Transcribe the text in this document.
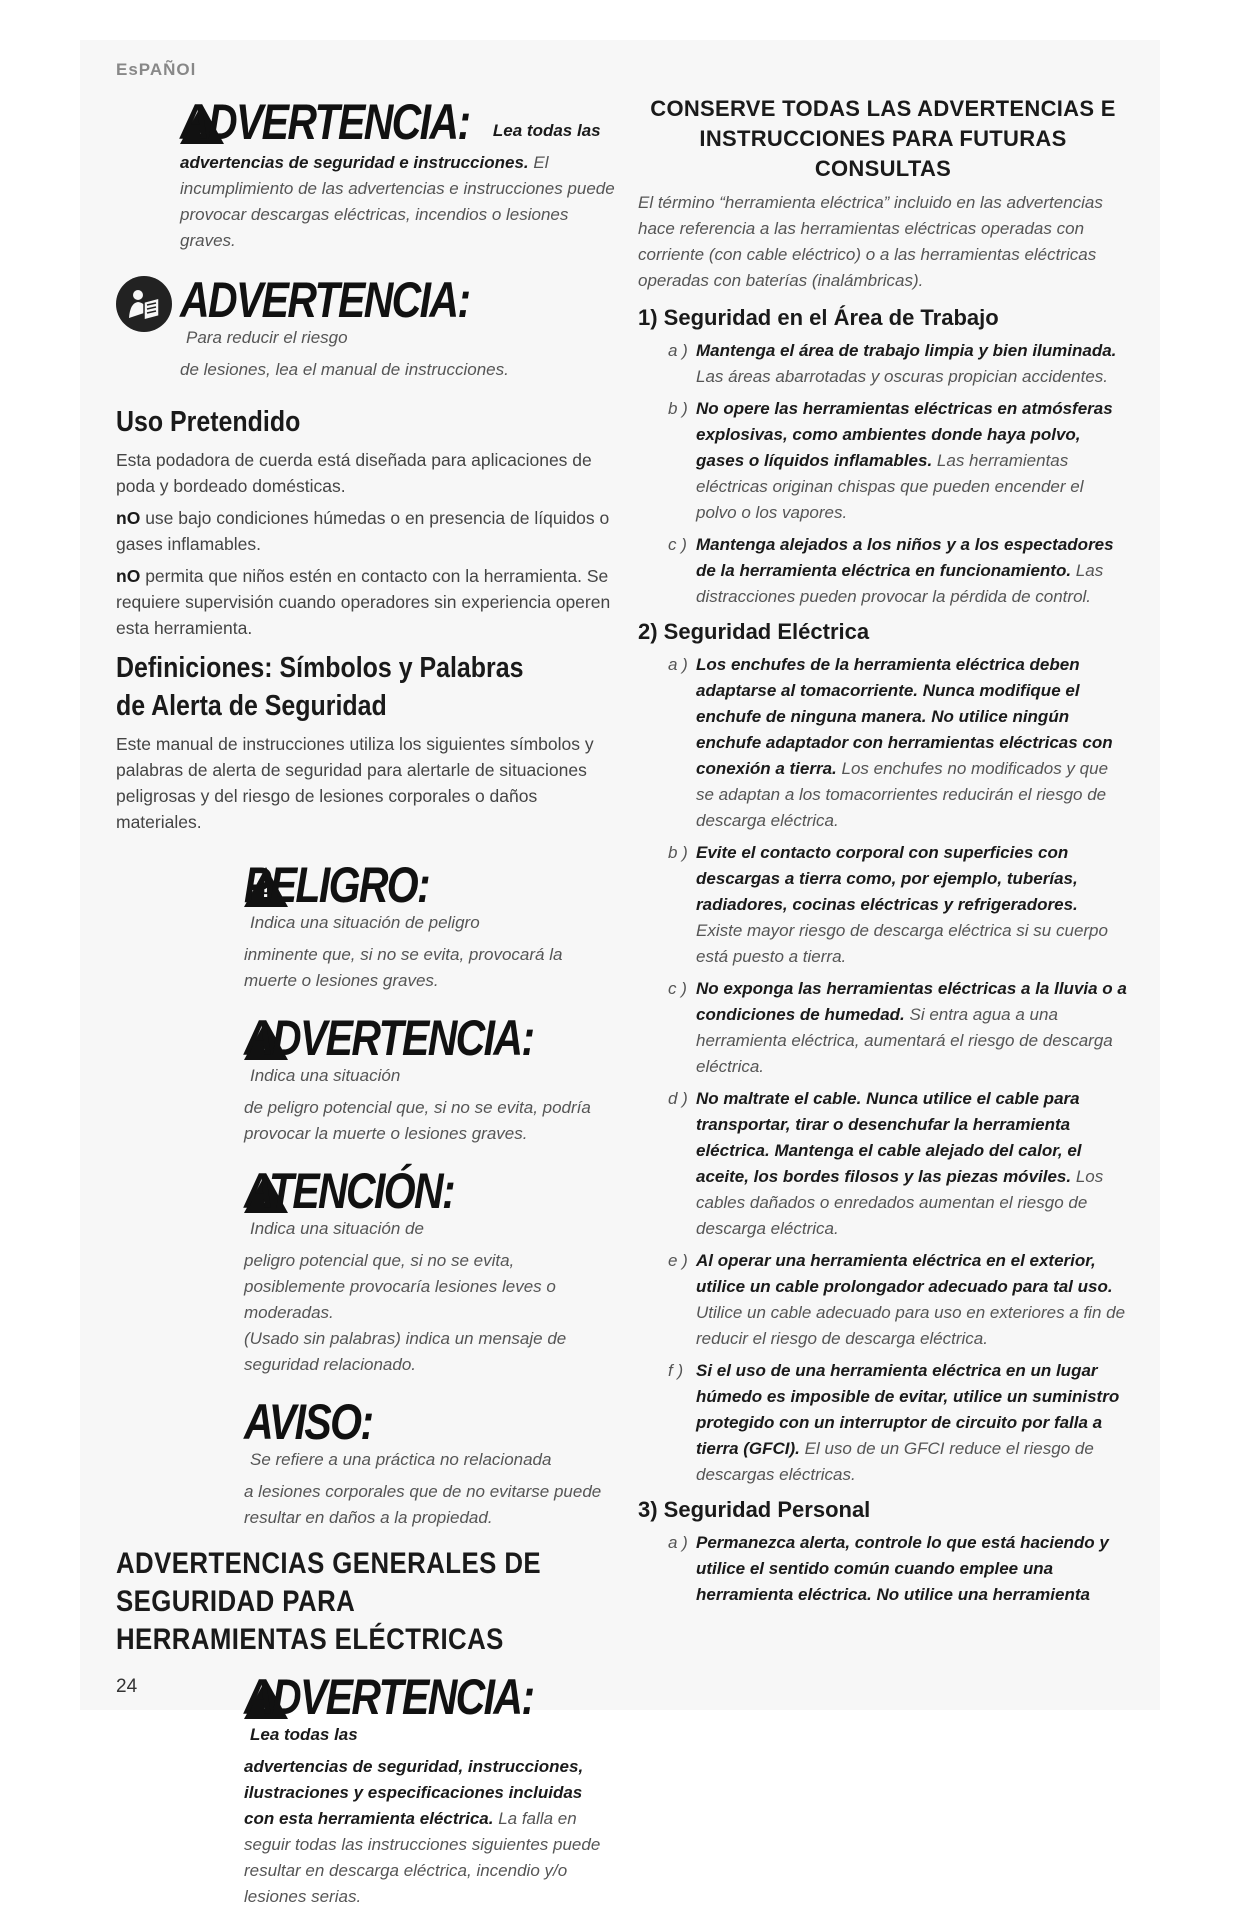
EsPAÑOl
!
ADVERTENCIA: Lea todas las
advertencias de seguridad e instrucciones. El incumplimiento de las advertencias e instrucciones puede provocar descargas eléctricas, incendios o lesiones graves.
ADVERTENCIA:
Para reducir el riesgo
de lesiones, lea el manual de instrucciones.
Uso Pretendido

Esta podadora de cuerda está diseñada para aplicaciones de poda y bordeado domésticas.

nO use bajo condiciones húmedas o en presencia de líquidos o gases inflamables.

nO permita que niños estén en contacto con la herramienta. Se requiere supervisión cuando operadores sin experiencia operen esta herramienta.

Definiciones: Símbolos y Palabras de Alerta de Seguridad

Este manual de instrucciones utiliza los siguientes símbolos y palabras de alerta de seguridad para alertarle de situaciones peligrosas y del riesgo de lesiones corporales o daños materiales.

!
PELIGRO:
Indica una situación de peligro
inminente que, si no se evita, provocará la muerte o lesiones graves.
!
ADVERTENCIA:
Indica una situación
de peligro potencial que, si no se evita, podría provocar la muerte o lesiones graves.
!
ATENCIÓN:
Indica una situación de
peligro potencial que, si no se evita, posiblemente provocaría lesiones leves o moderadas.
(Usado sin palabras) indica un mensaje de seguridad relacionado.
AVISO:
Se refiere a una práctica no relacionada
a lesiones corporales que de no evitarse puede resultar en daños a la propiedad.
ADVERTENCIAS GENERALES DE SEGURIDAD PARA HERRAMIENTAS ELÉCTRICAS
!
ADVERTENCIA:
Lea todas las
advertencias de seguridad, instrucciones, ilustraciones y especificaciones incluidas con esta herramienta eléctrica. La falla en seguir todas las instrucciones siguientes puede resultar en descarga eléctrica, incendio y/o lesiones serias.
CONSERVE TODAS LAS ADVERTENCIAS E INSTRUCCIONES PARA FUTURAS CONSULTAS
El término “herramienta eléctrica” incluido en las advertencias hace referencia a las herramientas eléctricas operadas con corriente (con cable eléctrico) o a las herramientas eléctricas operadas con baterías (inalámbricas).
1) Seguridad en el Área de Trabajo
a ) Mantenga el área de trabajo limpia y bien iluminada. Las áreas abarrotadas y oscuras propician accidentes.
b ) No opere las herramientas eléctricas en atmósferas explosivas, como ambientes donde haya polvo, gases o líquidos inflamables. Las herramientas eléctricas originan chispas que pueden encender el polvo o los vapores.
c ) Mantenga alejados a los niños y a los espectadores de la herramienta eléctrica en funcionamiento. Las distracciones pueden provocar la pérdida de control.
2) Seguridad Eléctrica
a ) Los enchufes de la herramienta eléctrica deben adaptarse al tomacorriente. Nunca modifique el enchufe de ninguna manera. No utilice ningún enchufe adaptador con herramientas eléctricas con conexión a tierra. Los enchufes no modificados y que se adaptan a los tomacorrientes reducirán el riesgo de descarga eléctrica.
b ) Evite el contacto corporal con superficies con descargas a tierra como, por ejemplo, tuberías, radiadores, cocinas eléctricas y refrigeradores. Existe mayor riesgo de descarga eléctrica si su cuerpo está puesto a tierra.
c ) No exponga las herramientas eléctricas a la lluvia o a condiciones de humedad. Si entra agua a una herramienta eléctrica, aumentará el riesgo de descarga eléctrica.
d ) No maltrate el cable. Nunca utilice el cable para transportar, tirar o desenchufar la herramienta eléctrica. Mantenga el cable alejado del calor, el aceite, los bordes filosos y las piezas móviles. Los cables dañados o enredados aumentan el riesgo de descarga eléctrica.
e ) Al operar una herramienta eléctrica en el exterior, utilice un cable prolongador adecuado para tal uso. Utilice un cable adecuado para uso en exteriores a fin de reducir el riesgo de descarga eléctrica.
f ) Si el uso de una herramienta eléctrica en un lugar húmedo es imposible de evitar, utilice un suministro protegido con un interruptor de circuito por falla a tierra (GFCI). El uso de un GFCI reduce el riesgo de descargas eléctricas.
3) Seguridad Personal
a ) Permanezca alerta, controle lo que está haciendo y utilice el sentido común cuando emplee una herramienta eléctrica. No utilice una herramienta
24
